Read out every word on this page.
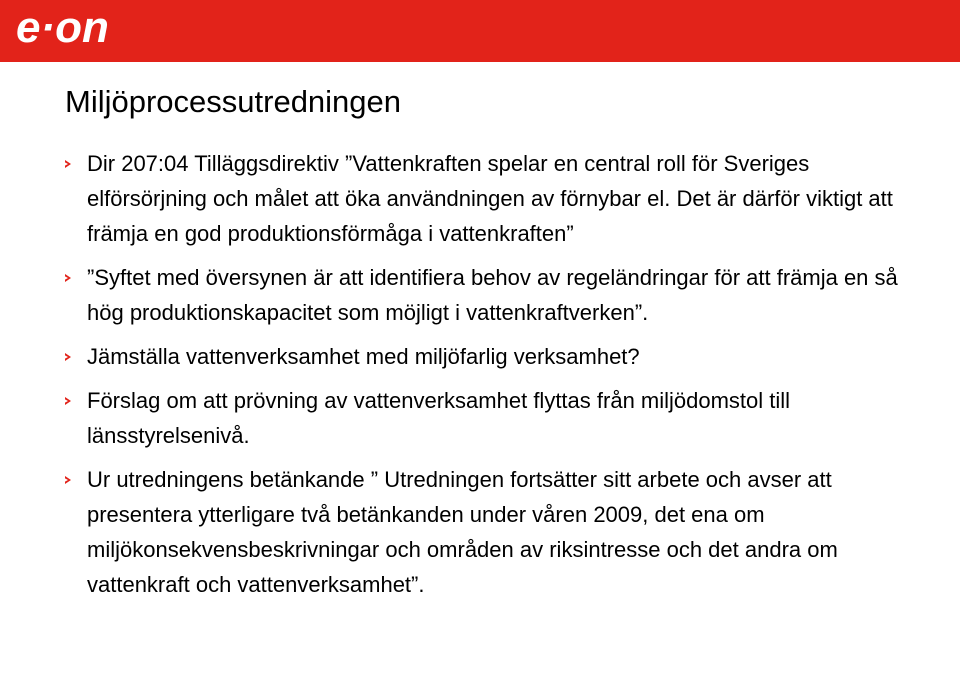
e·on
Miljöprocessutredningen
Dir 207:04 Tilläggsdirektiv ”Vattenkraften spelar en central roll för Sveriges elförsörjning och målet att öka användningen av förnybar el. Det är därför viktigt att främja en god produktionsförmåga i vattenkraften”
”Syftet med översynen är att identifiera behov av regeländringar för att främja en så hög produktionskapacitet som möjligt i vattenkraftverken”.
Jämställa vattenverksamhet med miljöfarlig verksamhet?
Förslag om att prövning av vattenverksamhet flyttas från miljödomstol till länsstyrelsenivå.
Ur utredningens betänkande ” Utredningen fortsätter sitt arbete och avser att presentera ytterligare två betänkanden under våren 2009, det ena om miljökonsekvensbeskrivningar och områden av riksintresse och det andra om vattenkraft och vattenverksamhet”.
